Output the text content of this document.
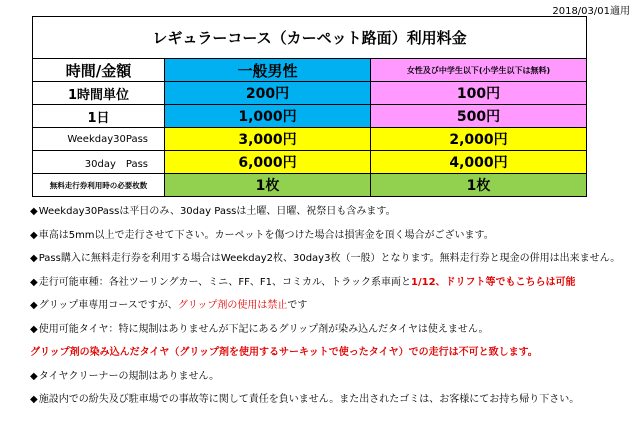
2018/03/01適用
レギュラーコース（カーペット路面）利用料金		
時間/金額	一般男性	女性及び中学生以下(小学生以下は無料)
1時間単位	200円	100円
1日	1,000円	500円
Weekday30Pass	3,000円	2,000円
30day　Pass	6,000円	4,000円
無料走行券利用時の必要枚数	1枚	1枚
◆Weekday30Passは平日のみ、30day Passは土曜、日曜、祝祭日も含みます。
◆車高は5mm以上で走行させて下さい。カーペットを傷つけた場合は損害金を頂く場合がございます。
◆Pass購入に無料走行券を利用する場合はWeekday2枚、30day3枚（一般）となります。無料走行券と現金の併用は出来ません。
◆走行可能車種：各社ツーリングカー、ミニ、FF、F1、コミカル、トラック系車両と1/12、ドリフト等でもこちらは可能
◆グリップ車専用コースですが、グリップ剤の使用は禁止です
◆使用可能タイヤ：特に規制はありませんが下記にあるグリップ剤が染み込んだタイヤは使えません。
グリップ剤の染み込んだタイヤ（グリップ剤を使用するサーキットで使ったタイヤ）での走行は不可と致します。
◆タイヤクリーナーの規制はありません。
◆施設内での紛失及び駐車場での事故等に関して責任を負いません。また出されたゴミは、お客様にてお持ち帰り下さい。
